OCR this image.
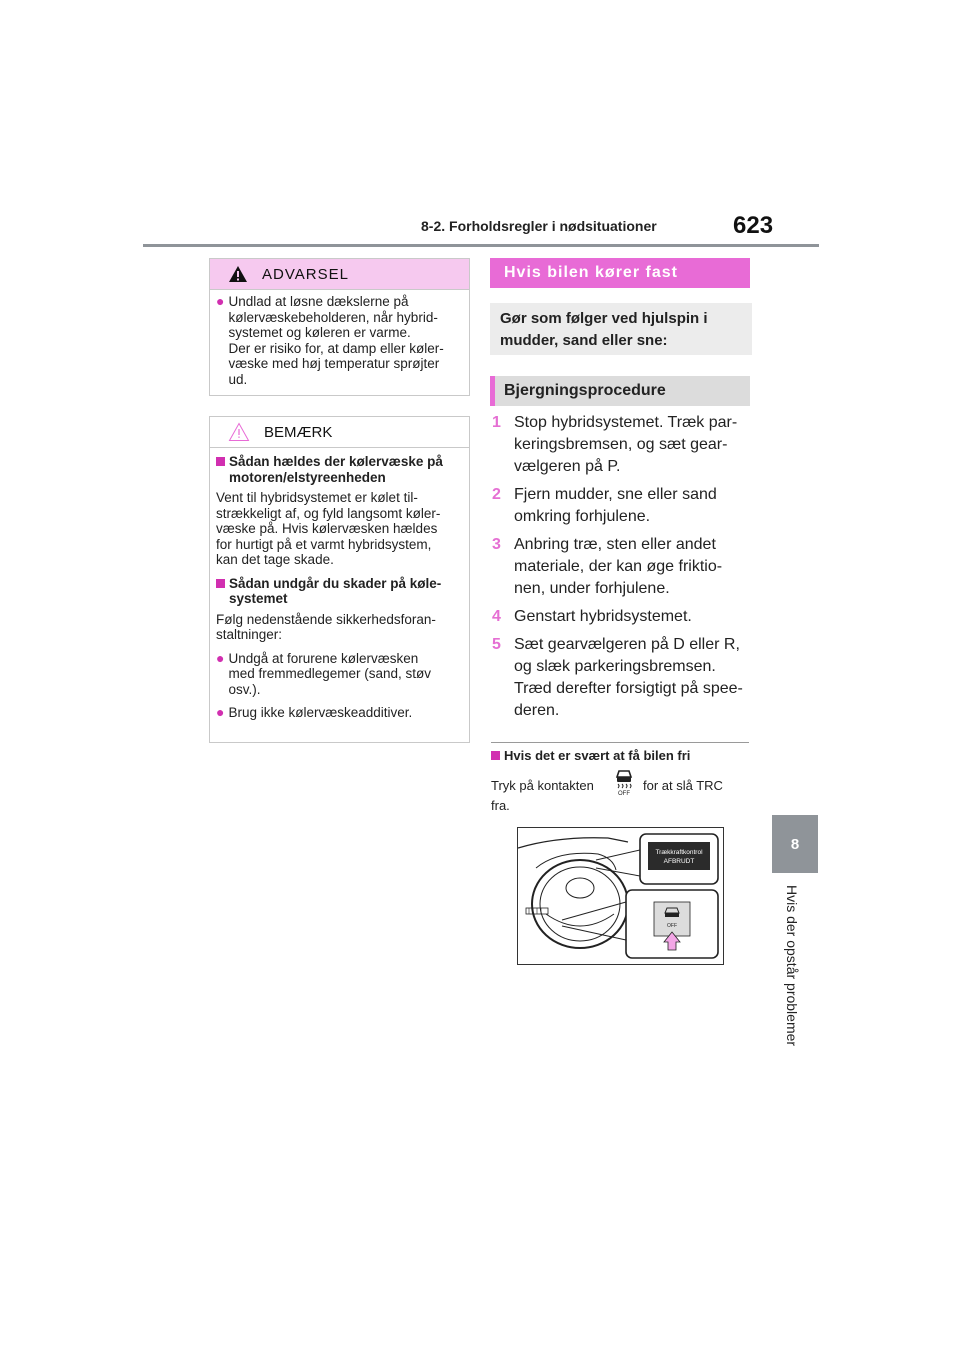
8-2. Forholdsregler i nødsituationer	623
8
Hvis der opstår problemer
ADVARSEL
● Undlad at løsne dækslerne på
kølervæskebeholderen, når hybrid-
systemet og køleren er varme.
Der er risiko for, at damp eller køler-
væske med høj temperatur sprøjter
ud.
BEMÆRK
Sådan hældes der kølervæske på
motoren/elstyreenheden
Vent til hybridsystemet er kølet til-
strækkeligt af, og fyld langsomt køler-
væske på. Hvis kølervæsken hældes
for hurtigt på et varmt hybridsystem,
kan det tage skade.
Sådan undgår du skader på køle-
systemet
Følg nedenstående sikkerhedsforan-
staltninger:
● Undgå at forurene kølervæsken
med fremmedlegemer (sand, støv
osv.).
● Brug ikke kølervæskeadditiver.
Hvis bilen kører fast
Gør som følger ved hjulspin i
mudder, sand eller sne:
Bjergningsprocedure
1 Stop hybridsystemet. Træk par-
keringsbremsen, og sæt gear-
vælgeren på P.
2 Fjern mudder, sne eller sand
omkring forhjulene.
3 Anbring træ, sten eller andet
materiale, der kan øge friktio-
nen, under forhjulene.
4 Genstart hybridsystemet.
5 Sæt gearvælgeren på D eller R,
og slæk parkeringsbremsen.
Træd derefter forsigtigt på spee-
deren.
Hvis det er svært at få bilen fri
Tryk på kontakten
OFF
for at slå TRC
fra.
Trækkraftkontrol
AFBRUDT
OFF
